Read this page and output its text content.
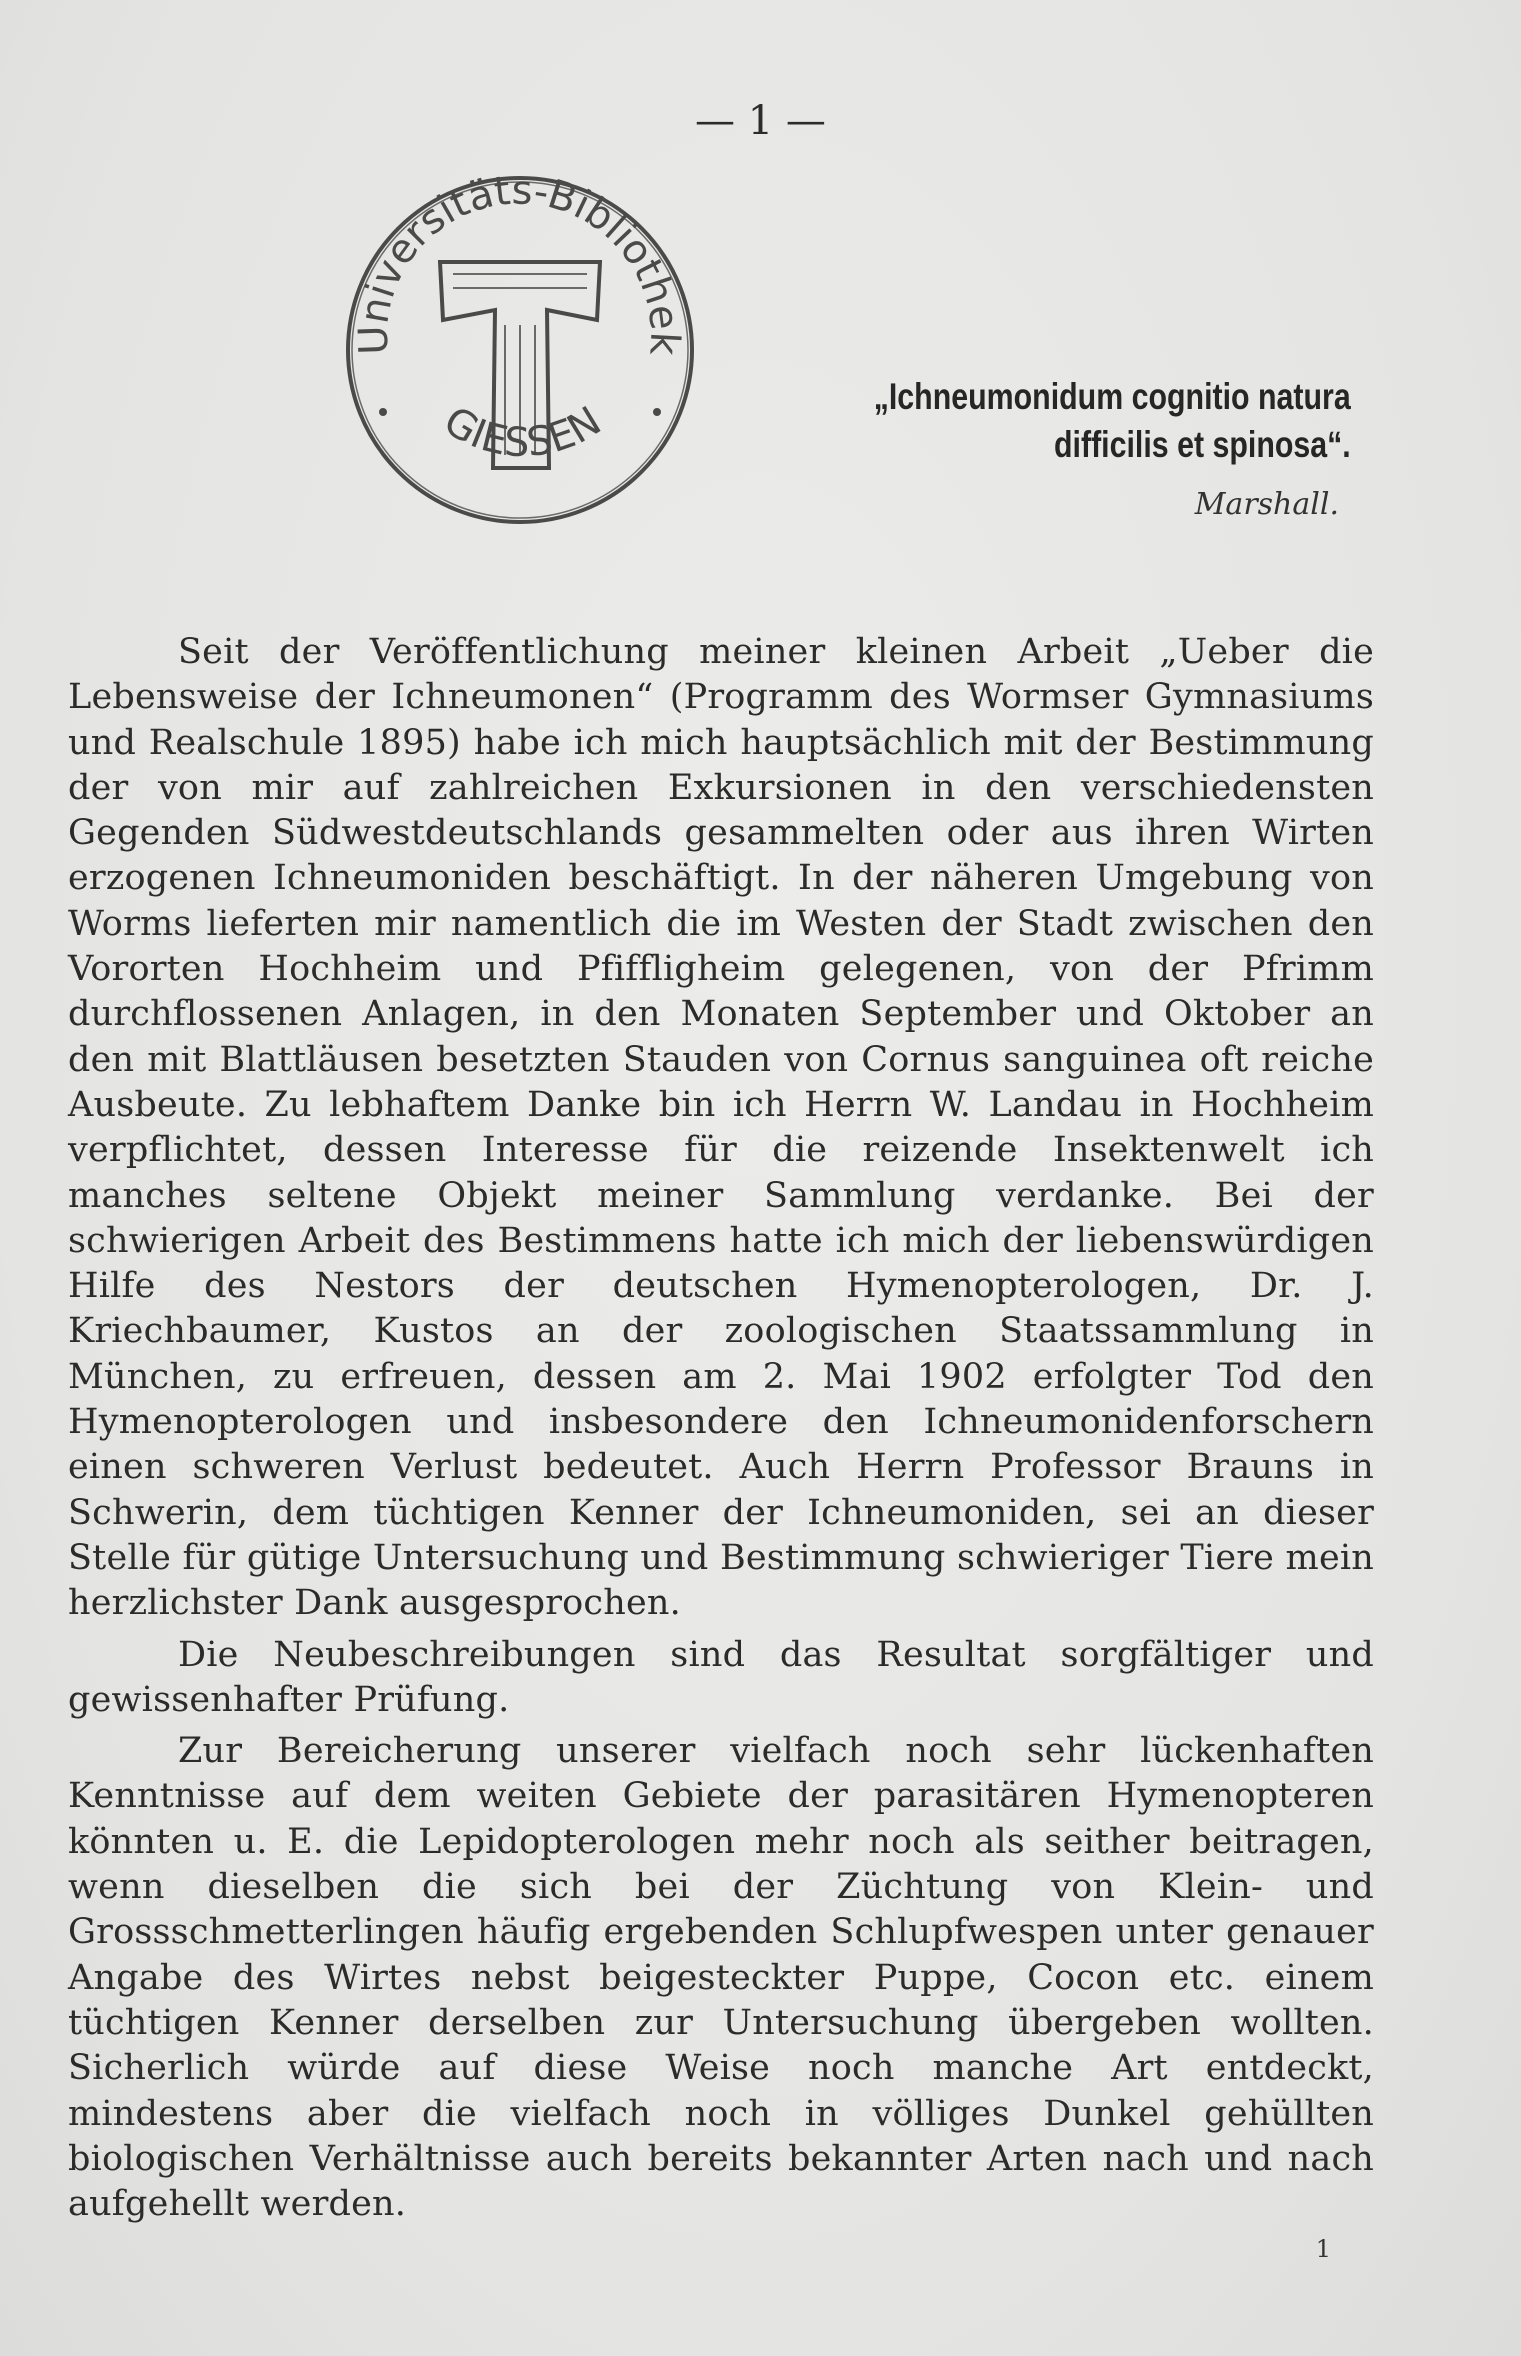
— 1 —
Universitäts-Bibliothek
GIESSEN
„Ichneumonidum cognitio natura
difficilis et spinosa“.
Marshall.

Seit der Veröffentlichung meiner kleinen Arbeit „Ueber die Lebensweise der Ichneumonen“ (Programm des Wormser Gymnasiums und Realschule 1895) habe ich mich hauptsächlich mit der Bestimmung der von mir auf zahlreichen Exkursionen in den verschiedensten Gegenden Südwestdeutschlands gesammelten oder aus ihren Wirten erzogenen Ichneumoniden beschäftigt. In der näheren Umgebung von Worms lieferten mir namentlich die im Westen der Stadt zwischen den Vororten Hochheim und Pfiffligheim gelegenen, von der Pfrimm durchflossenen Anlagen, in den Monaten September und Oktober an den mit Blattläusen besetzten Stauden von Cornus sanguinea oft reiche Ausbeute. Zu lebhaftem Danke bin ich Herrn W. Landau in Hochheim verpflichtet, dessen Interesse für die reizende Insektenwelt ich manches seltene Objekt meiner Sammlung verdanke. Bei der schwierigen Arbeit des Bestimmens hatte ich mich der liebenswürdigen Hilfe des Nestors der deutschen Hymenopterologen, Dr. J. Kriechbaumer, Kustos an der zoologischen Staatssammlung in München, zu erfreuen, dessen am 2. Mai 1902 erfolgter Tod den Hymenopterologen und insbesondere den Ichneumonidenforschern einen schweren Verlust bedeutet. Auch Herrn Professor Brauns in Schwerin, dem tüchtigen Kenner der Ichneumoniden, sei an dieser Stelle für gütige Untersuchung und Bestimmung schwieriger Tiere mein herzlichster Dank ausgesprochen.

Die Neubeschreibungen sind das Resultat sorgfältiger und gewissenhafter Prüfung.

Zur Bereicherung unserer vielfach noch sehr lückenhaften Kenntnisse auf dem weiten Gebiete der parasitären Hymenopteren könnten u. E. die Lepidopterologen mehr noch als seither beitragen, wenn dieselben die sich bei der Züchtung von Klein- und Grossschmetterlingen häufig ergebenden Schlupfwespen unter genauer Angabe des Wirtes nebst beigesteckter Puppe, Cocon etc. einem tüchtigen Kenner derselben zur Untersuchung übergeben wollten. Sicherlich würde auf diese Weise noch manche Art entdeckt, mindestens aber die vielfach noch in völliges Dunkel gehüllten biologischen Verhältnisse auch bereits bekannter Arten nach und nach aufgehellt werden.

1
